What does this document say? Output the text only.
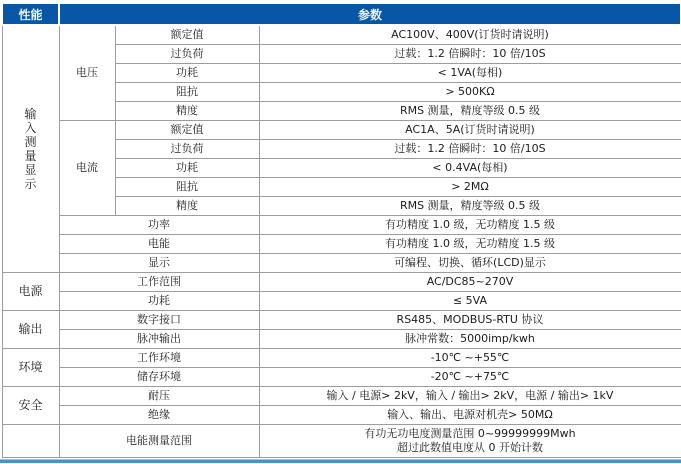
性能	参数		

输入测量显示	电压	额定值	AC100V、400V(订货时请说明)
		过负荷	过载：1.2 倍瞬时：10 倍/10S
		功耗	< 1VA(每相)
		阻抗	> 500KΩ
		精度	RMS 测量，精度等级 0.5 级
	电流	额定值	AC1A、5A(订货时请说明)
		过负荷	过载：1.2 倍瞬时：10 倍/10S
		功耗	< 0.4VA(每相)
		阻抗	> 2MΩ
		精度	RMS 测量，精度等级 0.5 级
	功率		有功精度 1.0 级，无功精度 1.5 级
	电能		有功精度 1.0 级，无功精度 1.5 级
	显示		可编程、切换、循环(LCD)显示
电源	工作范围		AC/DC85~270V
	功耗		≤ 5VA
输出	数字接口		RS485、MODBUS-RTU 协议
	脉冲输出		脉冲常数：5000imp/kwh
环境	工作环境		-10℃ ~+55℃
	储存环境		-20℃ ~+75℃
安全	耐压		输入 / 电源> 2kV，输入 / 输出> 2kV，电源 / 输出> 1kV
	绝缘		输入、输出、电源对机壳> 50MΩ
	电能测量范围		有功无功电度测量范围 0~99999999Mwh
超过此数值电度从 0 开始计数
